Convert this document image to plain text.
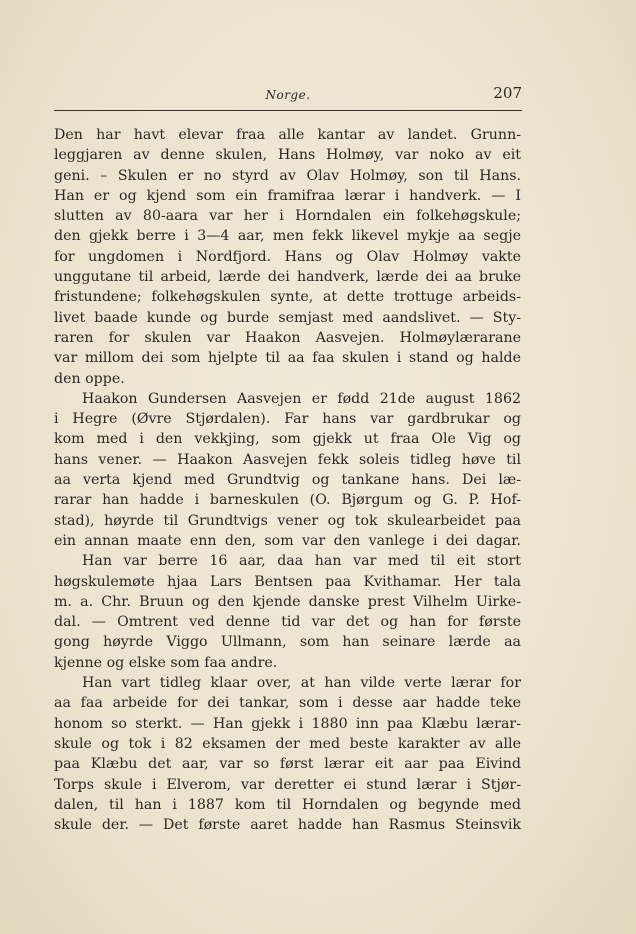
Norge.	207
Den har havt elevar fraa alle kantar av landet. Grunn-
leggjaren av denne skulen, Hans Holmøy, var noko av eit
geni. – Skulen er no styrd av Olav Holmøy, son til Hans.
Han er og kjend som ein framifraa lærar i handverk. — I
slutten av 80-aara var her i Horndalen ein folkehøgskule;
den gjekk berre i 3—4 aar, men fekk likevel mykje aa segje
for ungdomen i Nordfjord. Hans og Olav Holmøy vakte
unggutane til arbeid, lærde dei handverk, lærde dei aa bruke
fristundene; folkehøgskulen synte, at dette trottuge arbeids-
livet baade kunde og burde semjast med aandslivet. — Sty-
raren for skulen var Haakon Aasvejen. Holmøylærarane
var millom dei som hjelpte til aa faa skulen i stand og halde
den oppe.
Haakon Gundersen Aasvejen er fødd 21de august 1862
i Hegre (Øvre Stjørdalen). Far hans var gardbrukar og
kom med i den vekkjing, som gjekk ut fraa Ole Vig og
hans vener. — Haakon Aasvejen fekk soleis tidleg høve til
aa verta kjend med Grundtvig og tankane hans. Dei læ-
rarar han hadde i barneskulen (O. Bjørgum og G. P. Hof-
stad), høyrde til Grundtvigs vener og tok skulearbeidet paa
ein annan maate enn den, som var den vanlege i dei dagar.
Han var berre 16 aar, daa han var med til eit stort
høgskulemøte hjaa Lars Bentsen paa Kvithamar. Her tala
m. a. Chr. Bruun og den kjende danske prest Vilhelm Uirke-
dal. — Omtrent ved denne tid var det og han for første
gong høyrde Viggo Ullmann, som han seinare lærde aa
kjenne og elske som faa andre.
Han vart tidleg klaar over, at han vilde verte lærar for
aa faa arbeide for dei tankar, som i desse aar hadde teke
honom so sterkt. — Han gjekk i 1880 inn paa Klæbu lærar-
skule og tok i 82 eksamen der med beste karakter av alle
paa Klæbu det aar, var so først lærar eit aar paa Eivind
Torps skule i Elverom, var deretter ei stund lærar i Stjør-
dalen, til han i 1887 kom til Horndalen og begynde med
skule der. — Det første aaret hadde han Rasmus Steinsvik
